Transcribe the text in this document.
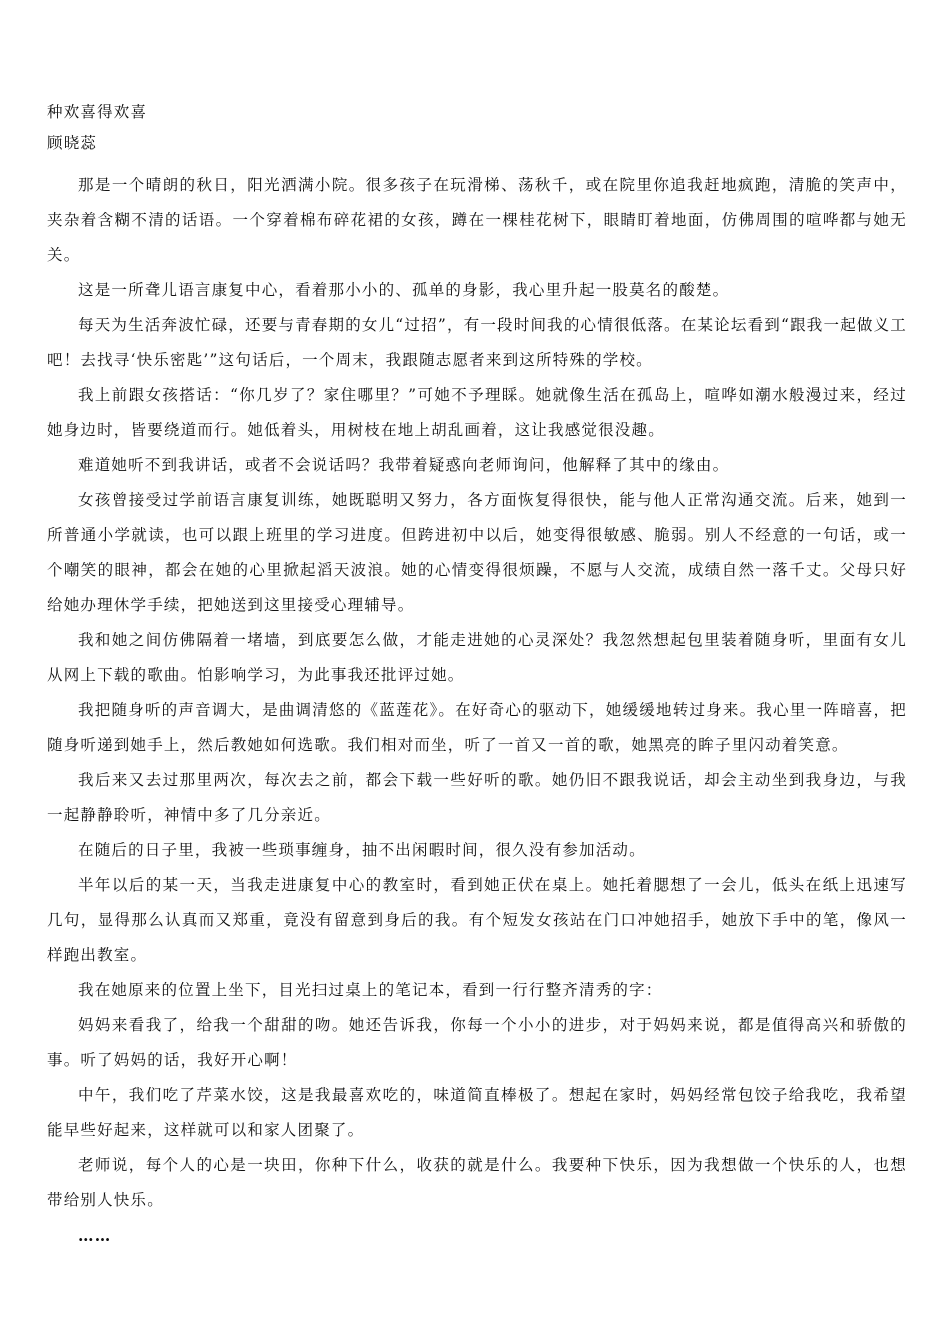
种欢喜得欢喜

顾晓蕊

那是一个晴朗的秋日，阳光洒满小院。很多孩子在玩滑梯、荡秋千，或在院里你追我赶地疯跑，清脆的笑声中，夹杂着含糊不清的话语。一个穿着棉布碎花裙的女孩，蹲在一棵桂花树下，眼睛盯着地面，仿佛周围的喧哗都与她无关。

这是一所聋儿语言康复中心，看着那小小的、孤单的身影，我心里升起一股莫名的酸楚。

每天为生活奔波忙碌，还要与青春期的女儿“过招”，有一段时间我的心情很低落。在某论坛看到“跟我一起做义工吧！去找寻‘快乐密匙’”这句话后，一个周末，我跟随志愿者来到这所特殊的学校。

我上前跟女孩搭话：“你几岁了？家住哪里？”可她不予理睬。她就像生活在孤岛上，喧哗如潮水般漫过来，经过她身边时，皆要绕道而行。她低着头，用树枝在地上胡乱画着，这让我感觉很没趣。

难道她听不到我讲话，或者不会说话吗？我带着疑惑向老师询问，他解释了其中的缘由。

女孩曾接受过学前语言康复训练，她既聪明又努力，各方面恢复得很快，能与他人正常沟通交流。后来，她到一所普通小学就读，也可以跟上班里的学习进度。但跨进初中以后，她变得很敏感、脆弱。别人不经意的一句话，或一个嘲笑的眼神，都会在她的心里掀起滔天波浪。她的心情变得很烦躁，不愿与人交流，成绩自然一落千丈。父母只好给她办理休学手续，把她送到这里接受心理辅导。

我和她之间仿佛隔着一堵墙，到底要怎么做，才能走进她的心灵深处？我忽然想起包里装着随身听，里面有女儿从网上下载的歌曲。怕影响学习，为此事我还批评过她。

我把随身听的声音调大，是曲调清悠的《蓝莲花》。在好奇心的驱动下，她缓缓地转过身来。我心里一阵暗喜，把随身听递到她手上，然后教她如何选歌。我们相对而坐，听了一首又一首的歌，她黑亮的眸子里闪动着笑意。

我后来又去过那里两次，每次去之前，都会下载一些好听的歌。她仍旧不跟我说话，却会主动坐到我身边，与我一起静静聆听，神情中多了几分亲近。

在随后的日子里，我被一些琐事缠身，抽不出闲暇时间，很久没有参加活动。

半年以后的某一天，当我走进康复中心的教室时，看到她正伏在桌上。她托着腮想了一会儿，低头在纸上迅速写几句，显得那么认真而又郑重，竟没有留意到身后的我。有个短发女孩站在门口冲她招手，她放下手中的笔，像风一样跑出教室。

我在她原来的位置上坐下，目光扫过桌上的笔记本，看到一行行整齐清秀的字：

妈妈来看我了，给我一个甜甜的吻。她还告诉我，你每一个小小的进步，对于妈妈来说，都是值得高兴和骄傲的事。听了妈妈的话，我好开心啊！

中午，我们吃了芹菜水饺，这是我最喜欢吃的，味道简直棒极了。想起在家时，妈妈经常包饺子给我吃，我希望能早些好起来，这样就可以和家人团聚了。

老师说，每个人的心是一块田，你种下什么，收获的就是什么。我要种下快乐，因为我想做一个快乐的人，也想带给别人快乐。

……
